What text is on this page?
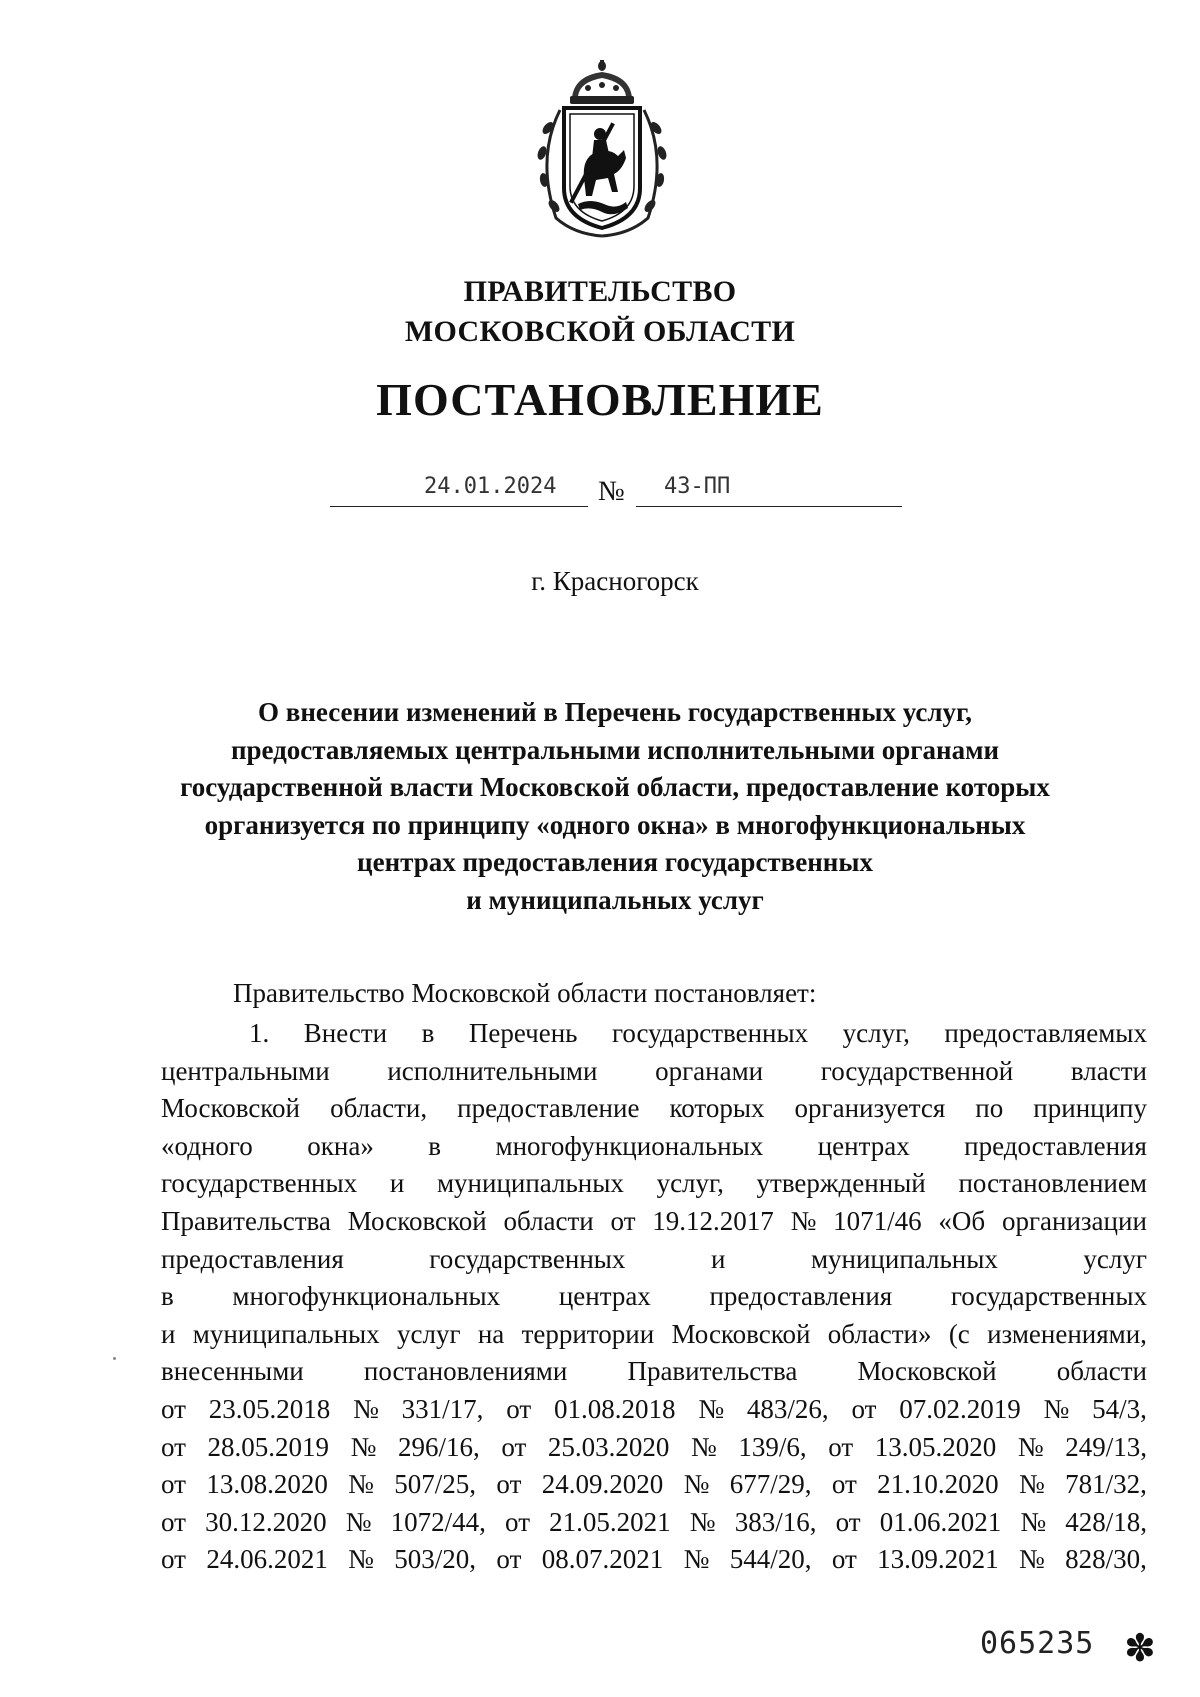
ПРАВИТЕЛЬСТВО
МОСКОВСКОЙ ОБЛАСТИ
ПОСТАНОВЛЕНИЕ
24.01.2024 № 43-ПП
г. Красногорск
О внесении изменений в Перечень государственных услуг,
предоставляемых центральными исполнительными органами
государственной власти Московской области, предоставление которых
организуется по принципу «одного окна» в многофункциональных
центрах предоставления государственных
и муниципальных услуг
Правительство Московской области постановляет:
1. Внести в Перечень государственных услуг, предоставляемых
центральными исполнительными органами государственной власти
Московской области, предоставление которых организуется по принципу
«одного окна» в многофункциональных центрах предоставления
государственных и муниципальных услуг, утвержденный постановлением
Правительства Московской области от 19.12.2017 № 1071/46 «Об организации
предоставления	государственных	и	муниципальных	услуг
в многофункциональных центрах предоставления государственных
и муниципальных услуг на территории Московской области» (с изменениями,
внесенными постановлениями Правительства Московской области
от 23.05.2018 № 331/17, от 01.08.2018 № 483/26, от 07.02.2019 № 54/3,
от 28.05.2019 № 296/16, от 25.03.2020 № 139/6, от 13.05.2020 № 249/13,
от 13.08.2020 № 507/25, от 24.09.2020 № 677/29, от 21.10.2020 № 781/32,
от 30.12.2020 № 1072/44, от 21.05.2021 № 383/16, от 01.06.2021 № 428/18,
от 24.06.2021 № 503/20, от 08.07.2021 № 544/20, от 13.09.2021 № 828/30,
065235 ✽
